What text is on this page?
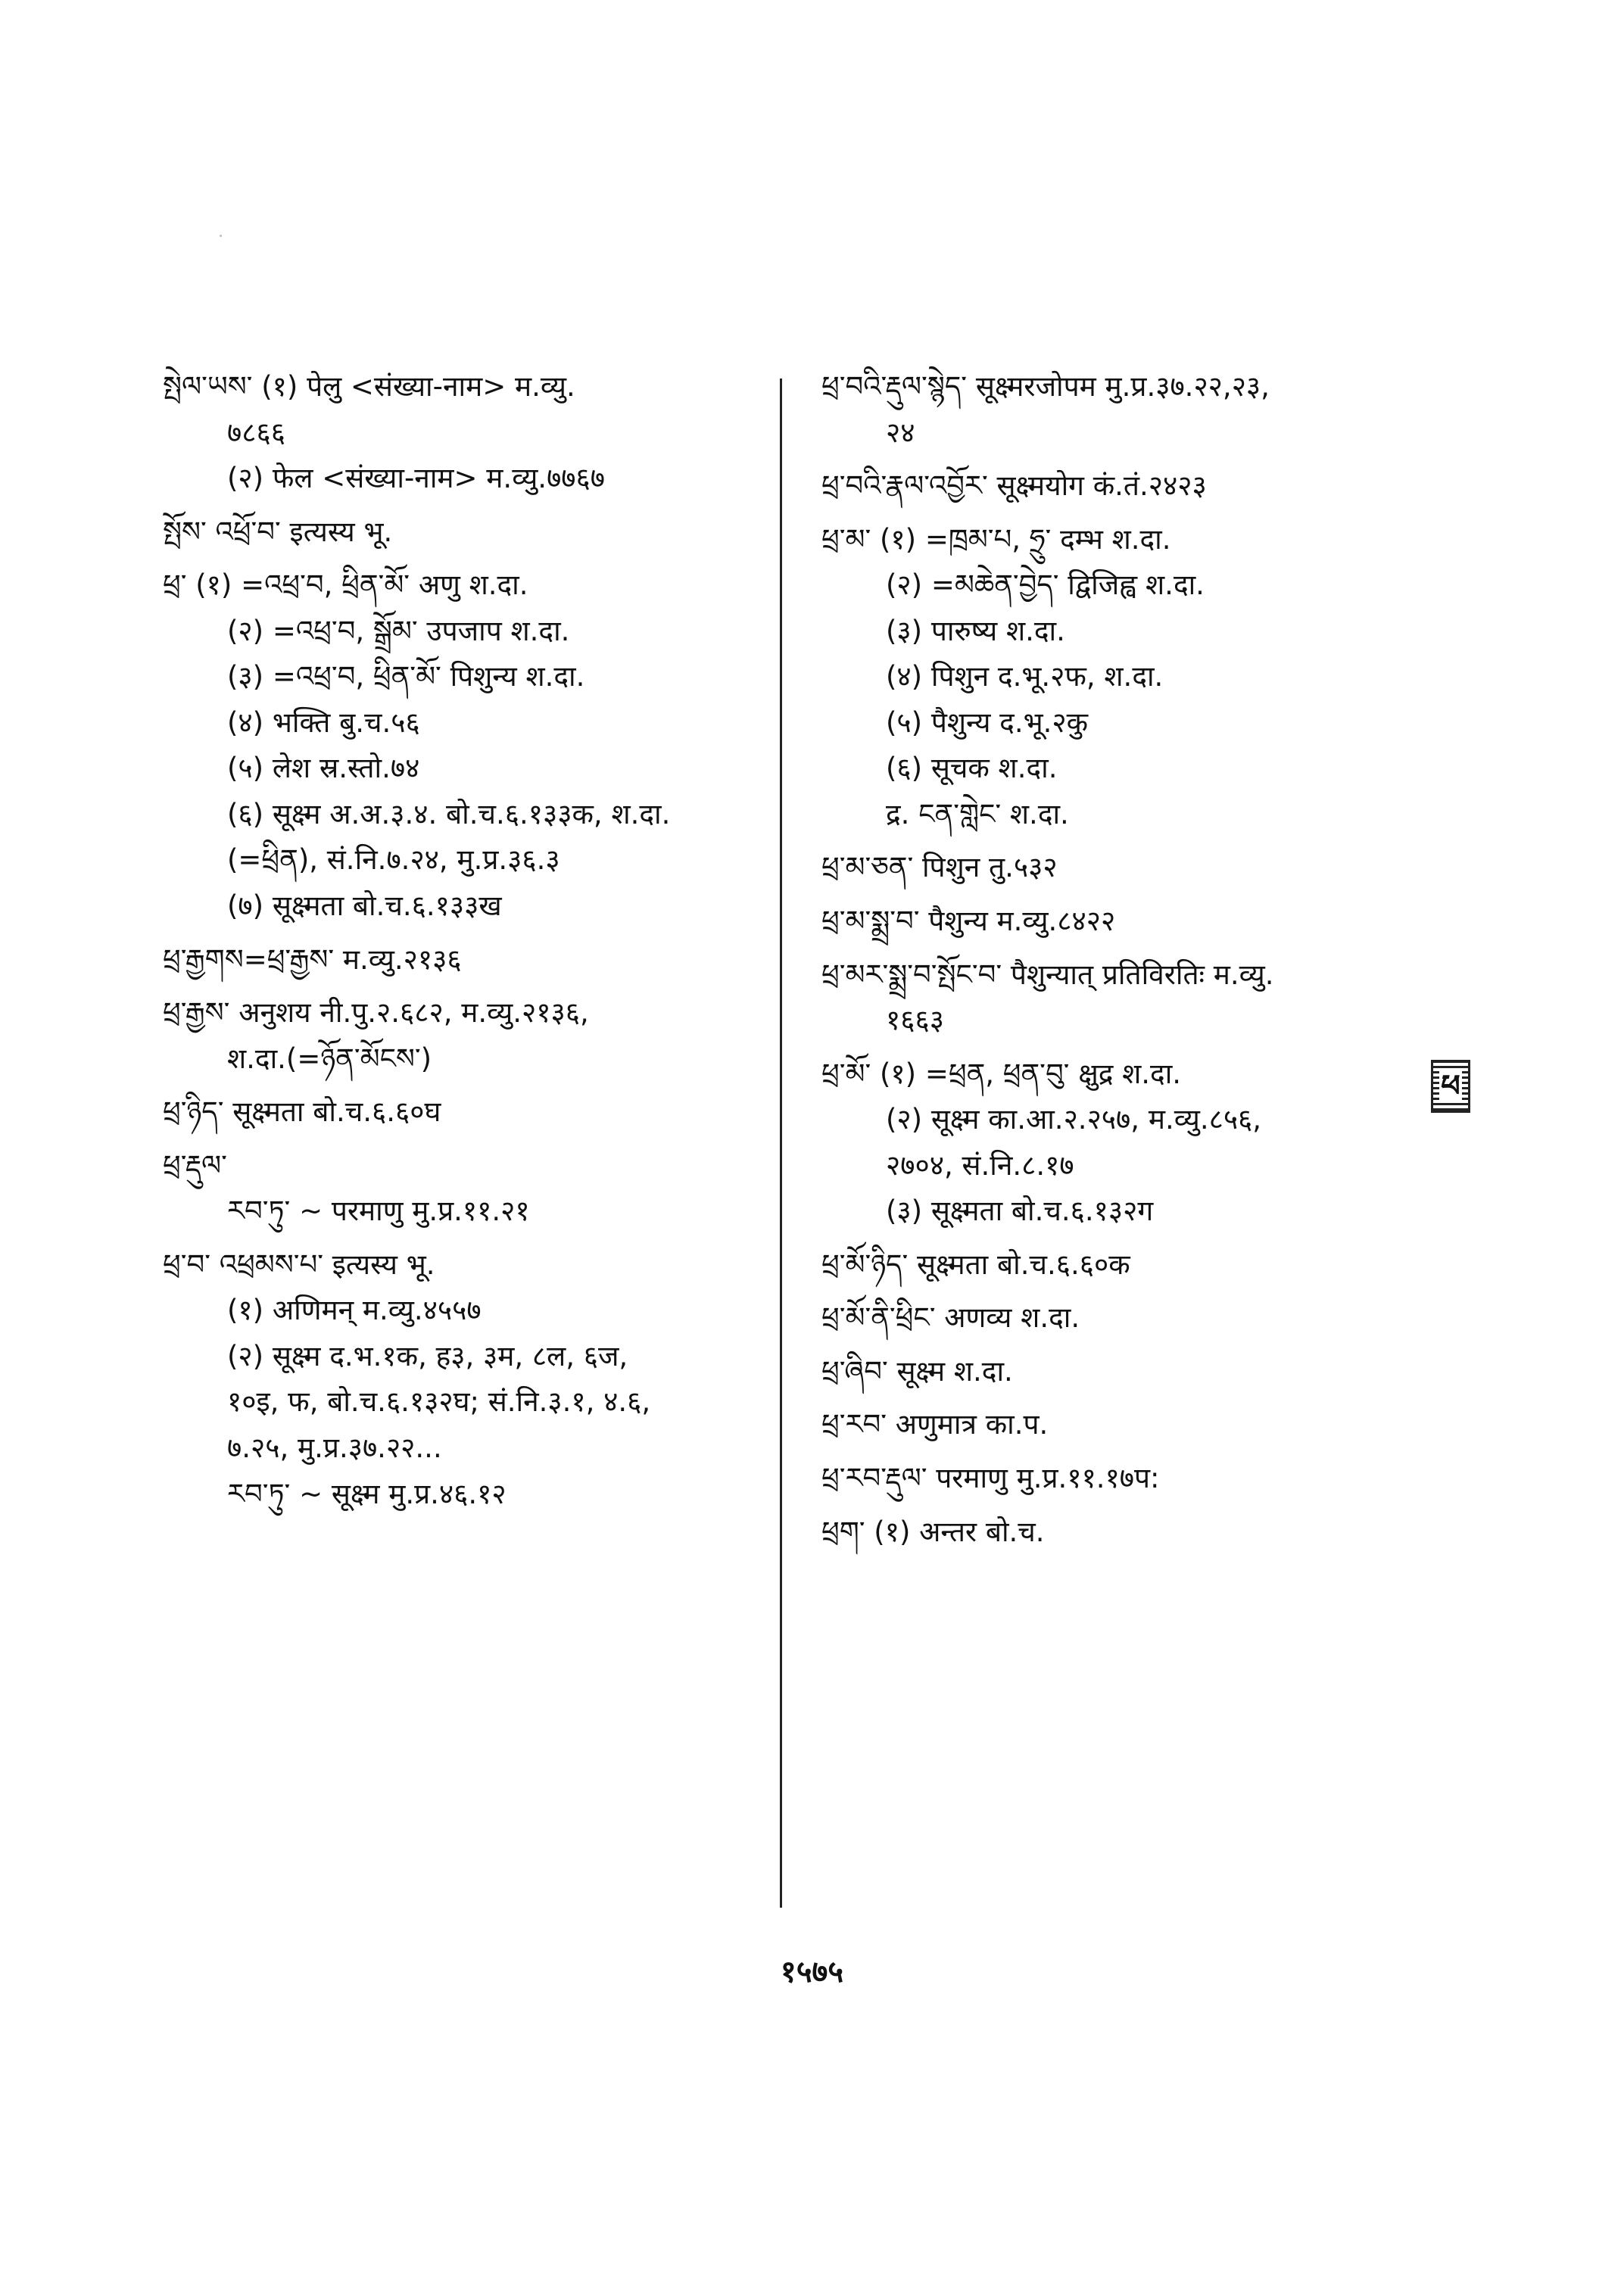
སྤེལ་ཡས་ (१) पेलु <संख्या-नाम> म.व्यु.
७८६६
(२) फेल <संख्या-नाम> म.व्यु.७७६७
སྤོས་ འཕྲོ་བ་ इत्यस्य भू.
ཕྲ་ (१) =འཕྲ་བ, ཕྲིན་མོ་ अणु श.दा.
(२) =འཕྲ་བ, སྒྲོམ་ उपजाप श.दा.
(३) =འཕྲ་བ, ཕྲིན་མོ་ पिशुन्य श.दा.
(४) भक्ति बु.च.५६
(५) लेश स्र.स्तो.७४
(६) सूक्ष्म अ.अ.३.४. बो.च.६.१३३क, श.दा.
(=ཕྲིན), सं.नि.७.२४, मु.प्र.३६.३
(७) सूक्ष्मता बो.च.६.१३३ख
ཕྲ་རྒྱགས=ཕྲ་རྒྱས་ म.व्यु.२१३६
ཕྲ་རྒྱས་ अनुशय नी.पु.२.६८२, म.व्यु.२१३६,
श.दा.(=ཉོན་མོངས་)
ཕྲ་ཉིད་ सूक्ष्मता बो.च.६.६०घ
ཕྲ་རྡུལ་
རབ་ཏུ་ ~ परमाणु मु.प्र.११.२१
ཕྲ་བ་ འཕྲམས་པ་ इत्यस्य भू.
(१) अणिमन् म.व्यु.४५५७
(२) सूक्ष्म द.भ.१क, ह३, ३म, ८ल, ६ज,
१०इ, फ, बो.च.६.१३२घ; सं.नि.३.१, ४.६,
७.२५, मु.प्र.३७.२२...
རབ་ཏུ་ ~ सूक्ष्म मु.प्र.४६.१२
ཕྲ་བའི་རྡུལ་སྙེད་ सूक्ष्मरजोपम मु.प्र.३७.२२,२३,
२४
ཕྲ་བའི་རྣལ་འབྱོར་ सूक्ष्मयोग कं.तं.२४२३
ཕྲ་མ་ (१) =ཁྲམ་པ, ཧྲུ་ दम्भ श.दा.
(२) =མཆེན་བྱེད་ द्विजिह्व श.दा.
(३) पारुष्य श.दा.
(४) पिशुन द.भू.२फ, श.दा.
(५) पैशुन्य द.भू.२कु
(६) सूचक श.दा.
द्र. ངན་གླེང་ श.दा.
ཕྲ་མ་ཅན་ पिशुन तु.५३२
ཕྲ་མ་སྨྲ་བ་ पैशुन्य म.व्यु.८४२२
ཕྲ་མར་སྨྲ་བ་སྤོང་བ་ पैशुन्यात् प्रतिविरतिः म.व्यु.
१६६३
ཕྲ་མོ་ (१) =ཕྲན, ཕྲན་བུ་ क्षुद्र श.दा.
(२) सूक्ष्म का.आ.२.२५७, म.व्यु.८५६,
२७०४, सं.नि.८.१७
(३) सूक्ष्मता बो.च.६.१३२ग
ཕྲ་མོ་ཉིད་ सूक्ष्मता बो.च.६.६०क
ཕྲ་མོ་ནི་ཕྲིང་ अणव्य श.दा.
ཕྲ་ཞིབ་ सूक्ष्म श.दा.
ཕྲ་རབ་ अणुमात्र का.प.
ཕྲ་རབ་རྡུལ་ परमाणु मु.प्र.११.१७प:
ཕྲག་ (१) अन्तर बो.च.
ཕ
१५७५
